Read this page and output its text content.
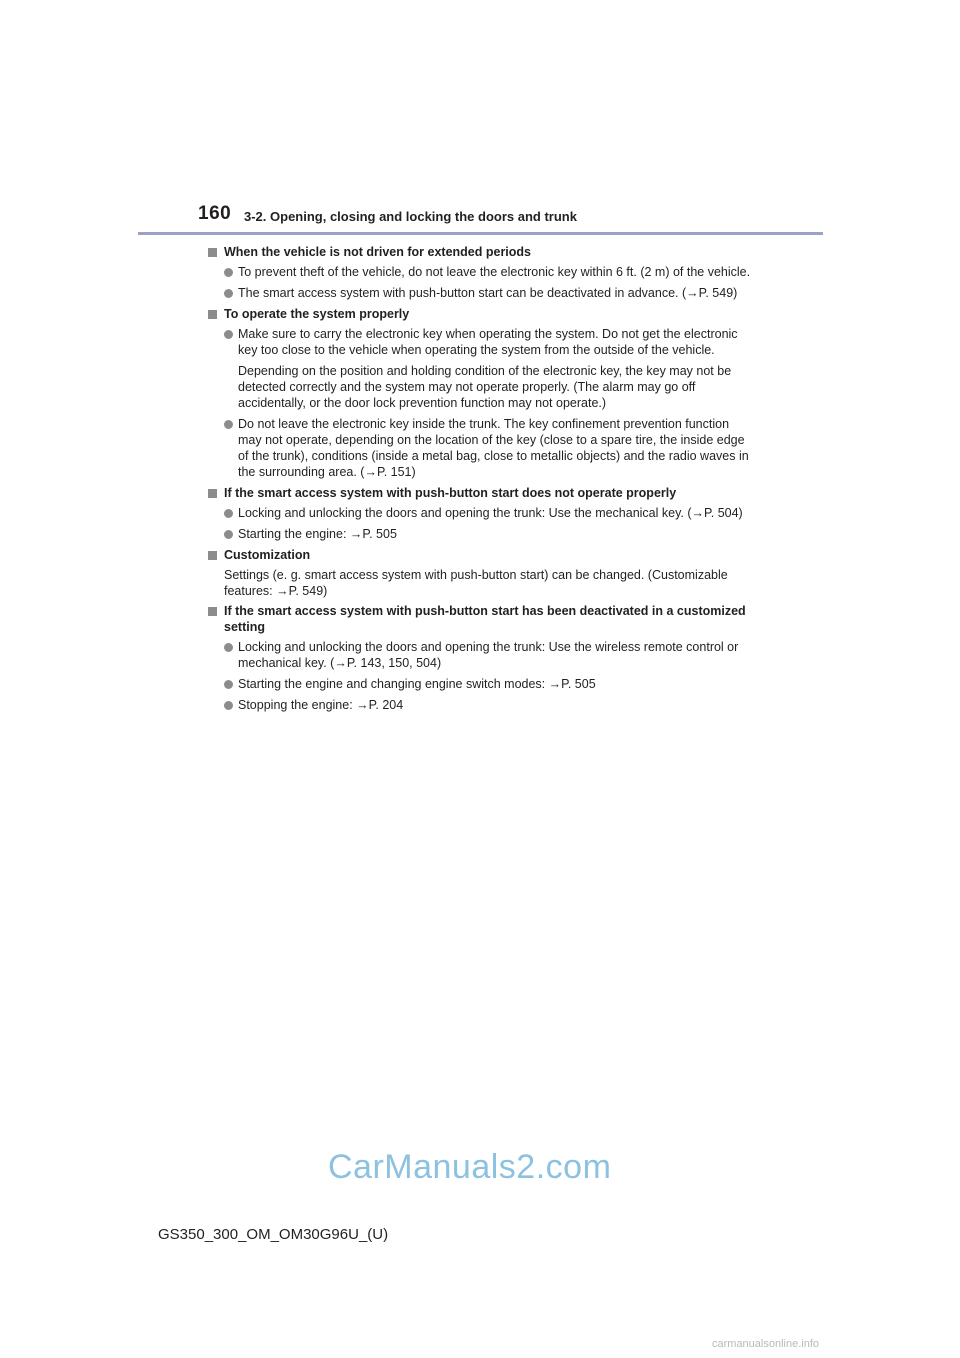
160 3-2. Opening, closing and locking the doors and trunk
When the vehicle is not driven for extended periods

To prevent theft of the vehicle, do not leave the electronic key within 6 ft. (2 m) of the vehicle.

The smart access system with push-button start can be deactivated in advance. (→P. 549)

To operate the system properly

Make sure to carry the electronic key when operating the system. Do not get the electronic key too close to the vehicle when operating the system from the outside of the vehicle.

Depending on the position and holding condition of the electronic key, the key may not be detected correctly and the system may not operate properly. (The alarm may go off accidentally, or the door lock prevention function may not operate.)

Do not leave the electronic key inside the trunk. The key confinement prevention function may not operate, depending on the location of the key (close to a spare tire, the inside edge of the trunk), conditions (inside a metal bag, close to metallic objects) and the radio waves in the surrounding area. (→P. 151)

If the smart access system with push-button start does not operate properly

Locking and unlocking the doors and opening the trunk: Use the mechanical key. (→P. 504)

Starting the engine: →P. 505

Customization

Settings (e. g. smart access system with push-button start) can be changed. (Customizable features: →P. 549)

If the smart access system with push-button start has been deactivated in a customized setting

Locking and unlocking the doors and opening the trunk: Use the wireless remote control or mechanical key. (→P. 143, 150, 504)

Starting the engine and changing engine switch modes: →P. 505

Stopping the engine: →P. 204

CarManuals2.com
GS350_300_OM_OM30G96U_(U)
carmanualsonline.info
